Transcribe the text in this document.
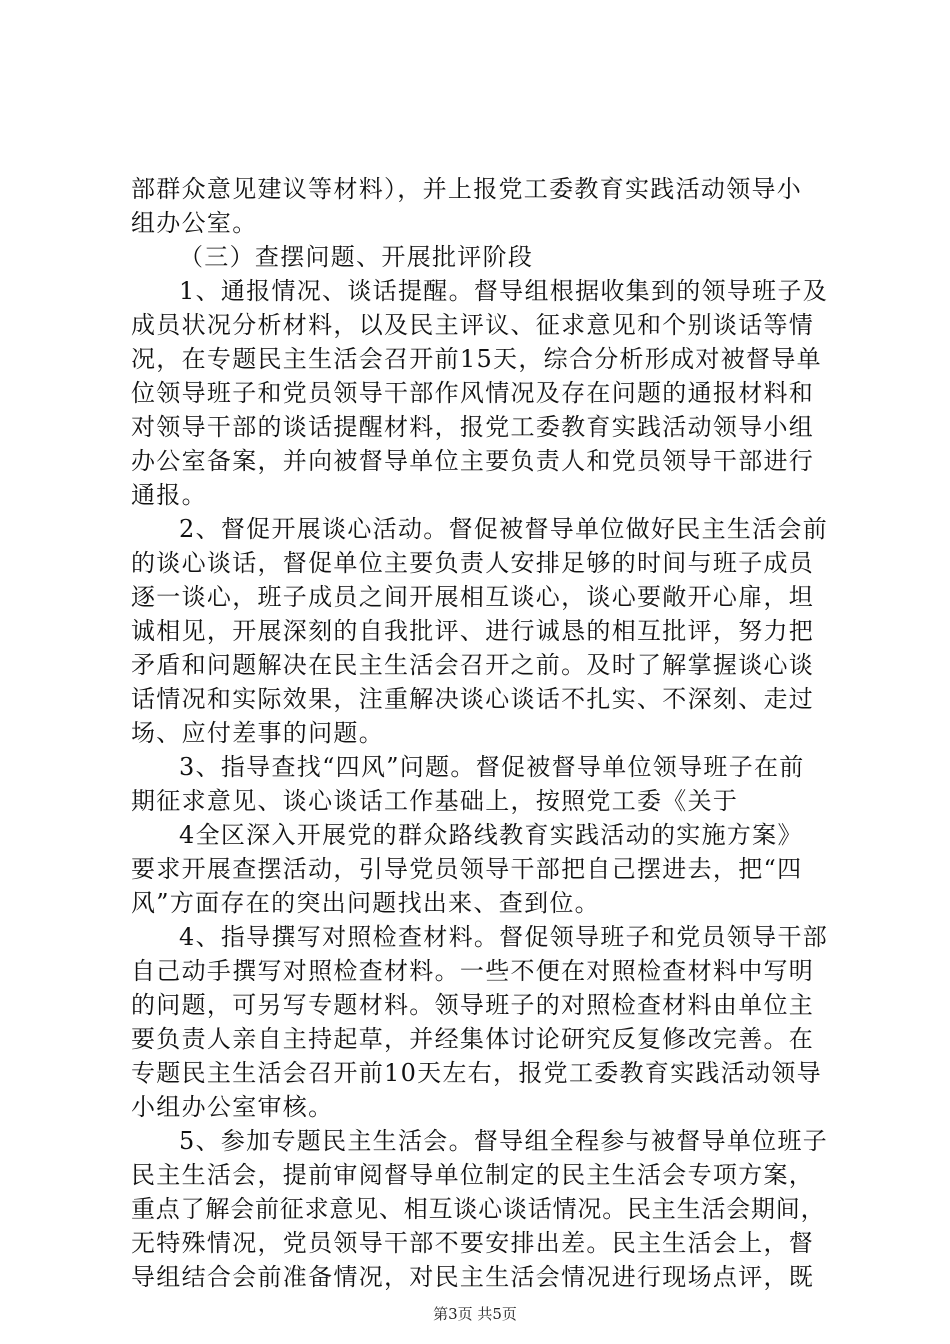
部群众意见建议等材料），并上报党工委教育实践活动领导小
组办公室。
（三）查摆问题、开展批评阶段
1、通报情况、谈话提醒。督导组根据收集到的领导班子及
成员状况分析材料，以及民主评议、征求意见和个别谈话等情
况，在专题民主生活会召开前15天，综合分析形成对被督导单
位领导班子和党员领导干部作风情况及存在问题的通报材料和
对领导干部的谈话提醒材料，报党工委教育实践活动领导小组
办公室备案，并向被督导单位主要负责人和党员领导干部进行
通报。
2、督促开展谈心活动。督促被督导单位做好民主生活会前
的谈心谈话，督促单位主要负责人安排足够的时间与班子成员
逐一谈心，班子成员之间开展相互谈心，谈心要敞开心扉，坦
诚相见，开展深刻的自我批评、进行诚恳的相互批评，努力把
矛盾和问题解决在民主生活会召开之前。及时了解掌握谈心谈
话情况和实际效果，注重解决谈心谈话不扎实、不深刻、走过
场、应付差事的问题。
3、指导查找“四风”问题。督促被督导单位领导班子在前
期征求意见、谈心谈话工作基础上，按照党工委《关于
4全区深入开展党的群众路线教育实践活动的实施方案》
要求开展查摆活动，引导党员领导干部把自己摆进去，把“四
风”方面存在的突出问题找出来、查到位。
4、指导撰写对照检查材料。督促领导班子和党员领导干部
自己动手撰写对照检查材料。一些不便在对照检查材料中写明
的问题，可另写专题材料。领导班子的对照检查材料由单位主
要负责人亲自主持起草，并经集体讨论研究反复修改完善。在
专题民主生活会召开前10天左右，报党工委教育实践活动领导
小组办公室审核。
5、参加专题民主生活会。督导组全程参与被督导单位班子
民主生活会，提前审阅督导单位制定的民主生活会专项方案，
重点了解会前征求意见、相互谈心谈话情况。民主生活会期间，
无特殊情况，党员领导干部不要安排出差。民主生活会上，督
导组结合会前准备情况，对民主生活会情况进行现场点评，既
第3页 共5页
